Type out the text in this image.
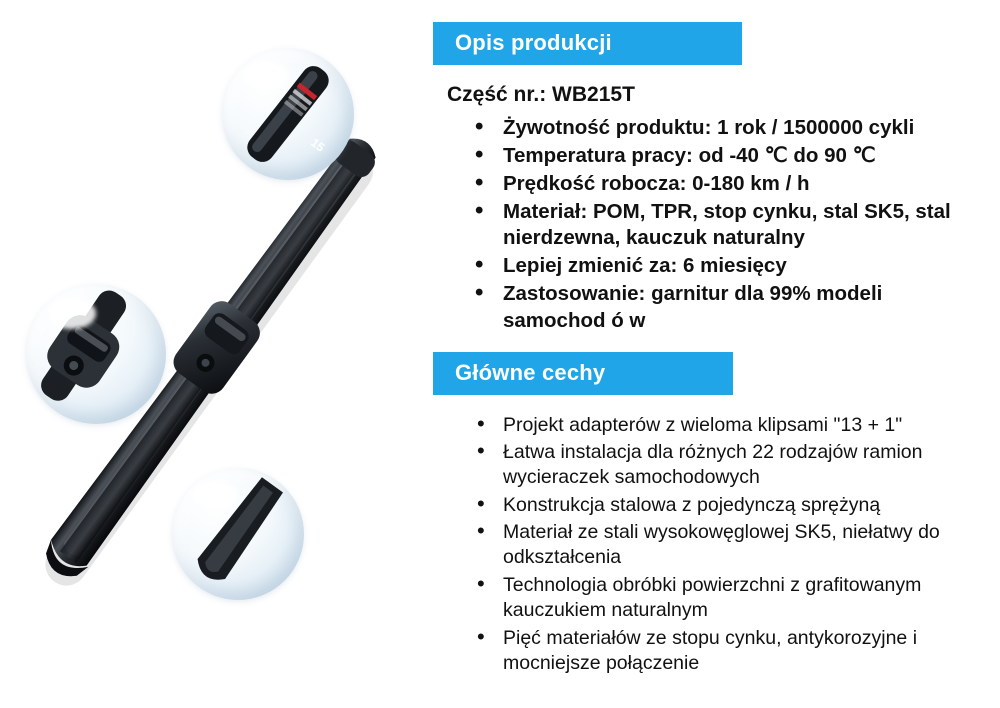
15
Opis produkcji
Część nr.: WB215T
• Żywotność produktu: 1 rok / 1500000 cykli
• Temperatura pracy: od -40 ℃ do 90 ℃
• Prędkość robocza: 0-180 km / h
• Materiał: POM, TPR, stop cynku, stal SK5, stal nierdzewna, kauczuk naturalny
• Lepiej zmienić za: 6 miesięcy
• Zastosowanie: garnitur dla 99% modeli samochod ó w
Główne cechy
• Projekt adapterów z wieloma klipsami "13 + 1"
• Łatwa instalacja dla różnych 22 rodzajów ramion wycieraczek samochodowych
• Konstrukcja stalowa z pojedynczą sprężyną
• Materiał ze stali wysokowęglowej SK5, niełatwy do odkształcenia
• Technologia obróbki powierzchni z grafitowanym kauczukiem naturalnym
• Pięć materiałów ze stopu cynku, antykorozyjne i mocniejsze połączenie
